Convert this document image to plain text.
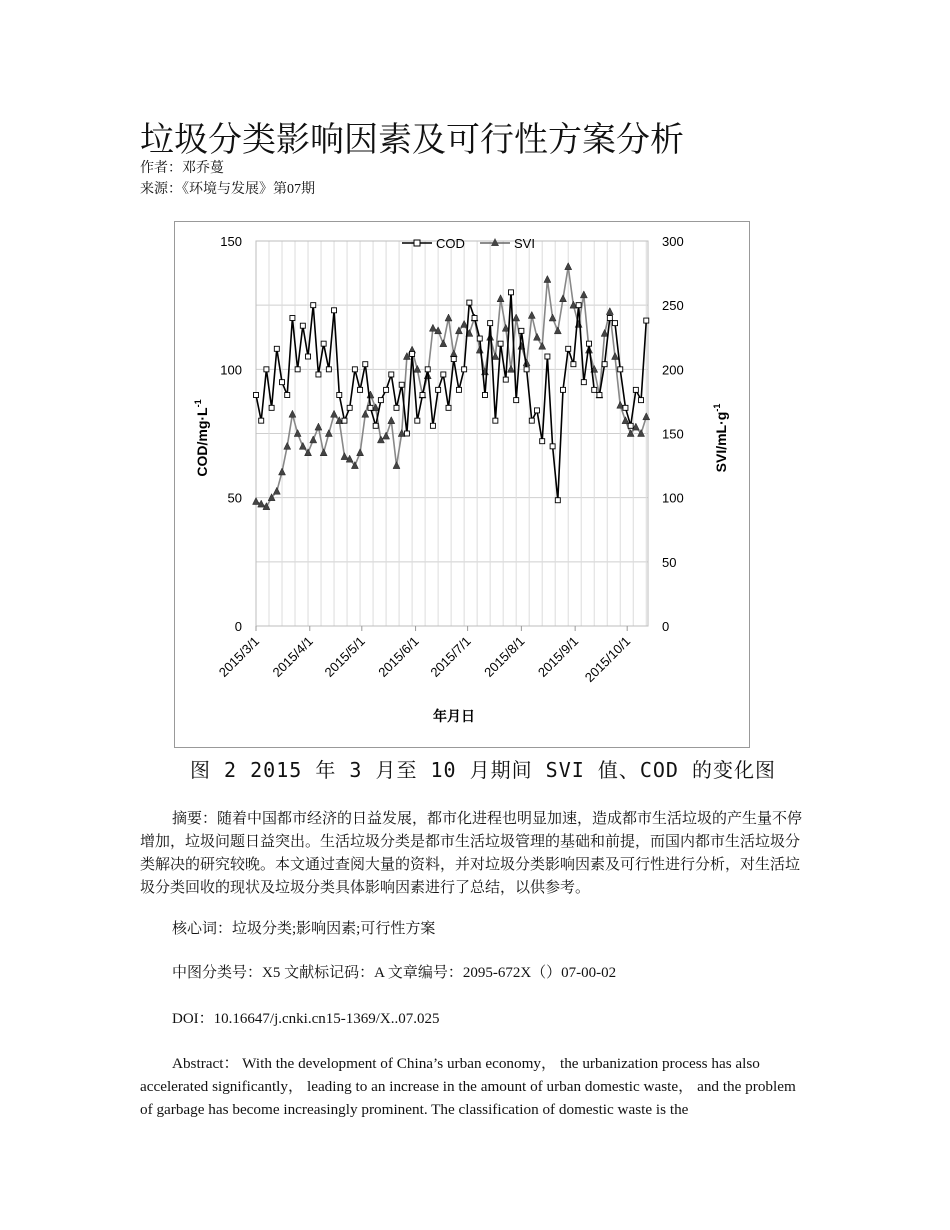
垃圾分类影响因素及可行性方案分析
作者：邓乔蔓
来源：《环境与发展》第07期
0
50
100
150
200
250
300
0
50
100
150
2015/3/1 2015/4/1 2015/5/1 2015/6/1 2015/7/1 2015/8/1 2015/9/1 2015/10/1
COD	SVI
COD/$mg\cdot L^{-1}$
SVI/$mL\cdot g^{-1}$
年月日
图 2 2015 年 3 月至 10 月期间 SVI 值、COD 的变化图

摘要：随着中国都市经济的日益发展，都市化进程也明显加速，造成都市生活垃圾的产生量不停增加，垃圾问题日益突出。生活垃圾分类是都市生活垃圾管理的基础和前提，而国内都市生活垃圾分类解决的研究较晚。本文通过查阅大量的资料，并对垃圾分类影响因素及可行性进行分析，对生活垃圾分类回收的现状及垃圾分类具体影响因素进行了总结，以供参考。

核心词：垃圾分类;影响因素;可行性方案

中图分类号：X5 文献标记码：A 文章编号：2095-672X（）07-00-02

DOI：10.16647/j.cnki.cn15-1369/X..07.025

Abstract： With the development of China’s urban economy， the urbanization process has also accelerated significantly， leading to an increase in the amount of urban domestic waste， and the problem of garbage has become increasingly prominent. The classification of domestic waste is the
